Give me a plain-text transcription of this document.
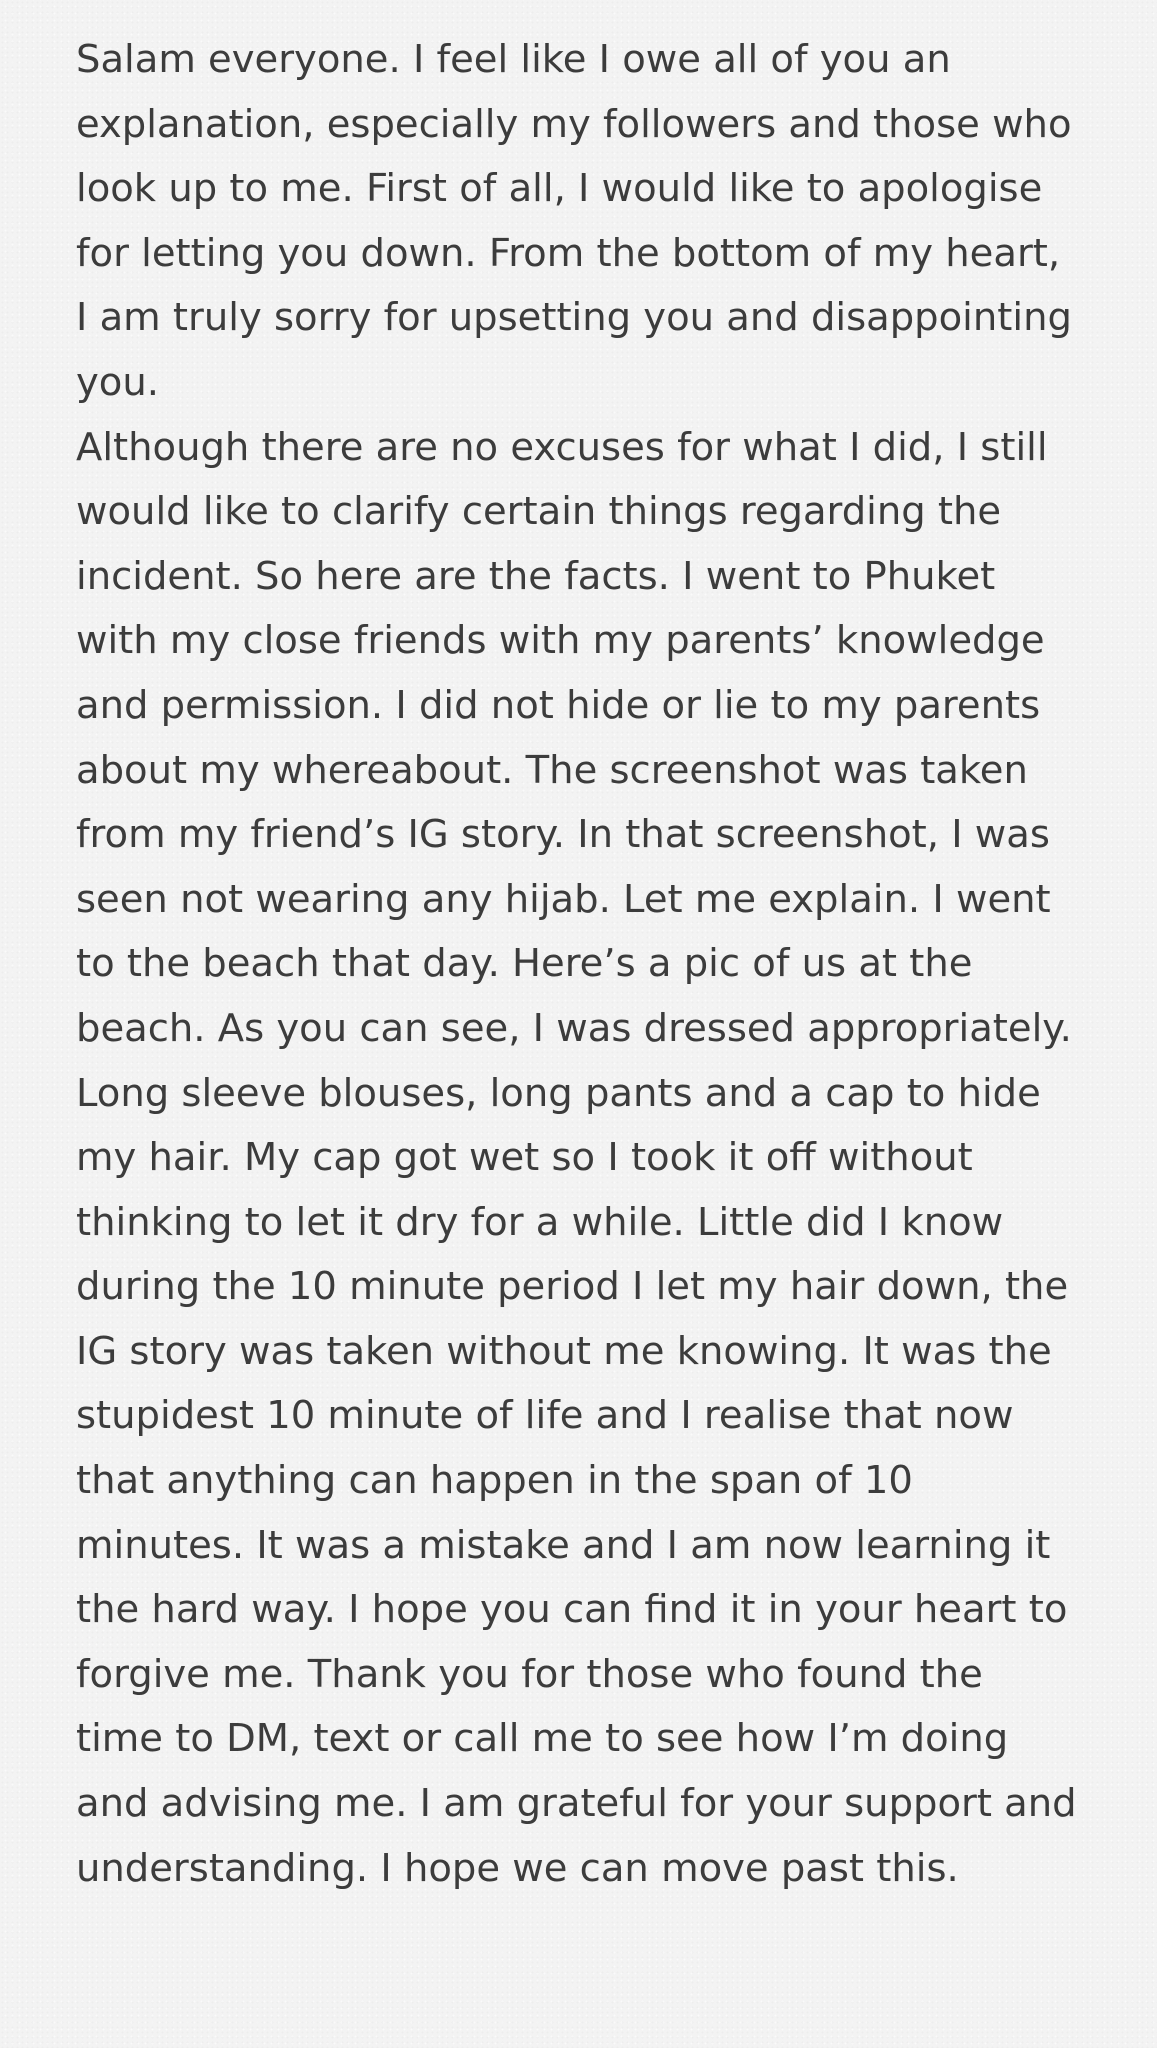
Salam everyone. I feel like I owe all of you an explanation, especially my followers and those who look up to me. First of all, I would like to apologise for letting you down. From the bottom of my heart, I am truly sorry for upsetting you and disappointing you.

Although there are no excuses for what I did, I still would like to clarify certain things regarding the incident. So here are the facts. I went to Phuket with my close friends with my parents’ knowledge and permission. I did not hide or lie to my parents about my whereabout. The screenshot was taken from my friend’s IG story. In that screenshot, I was seen not wearing any hijab. Let me explain. I went to the beach that day. Here’s a pic of us at the beach. As you can see, I was dressed appropriately. Long sleeve blouses, long pants and a cap to hide my hair. My cap got wet so I took it off without thinking to let it dry for a while. Little did I know during the 10 minute period I let my hair down, the IG story was taken without me knowing. It was the stupidest 10 minute of life and I realise that now that anything can happen in the span of 10 minutes. It was a mistake and I am now learning it the hard way. I hope you can find it in your heart to forgive me. Thank you for those who found the time to DM, text or call me to see how I’m doing and advising me. I am grateful for your support and understanding. I hope we can move past this.
